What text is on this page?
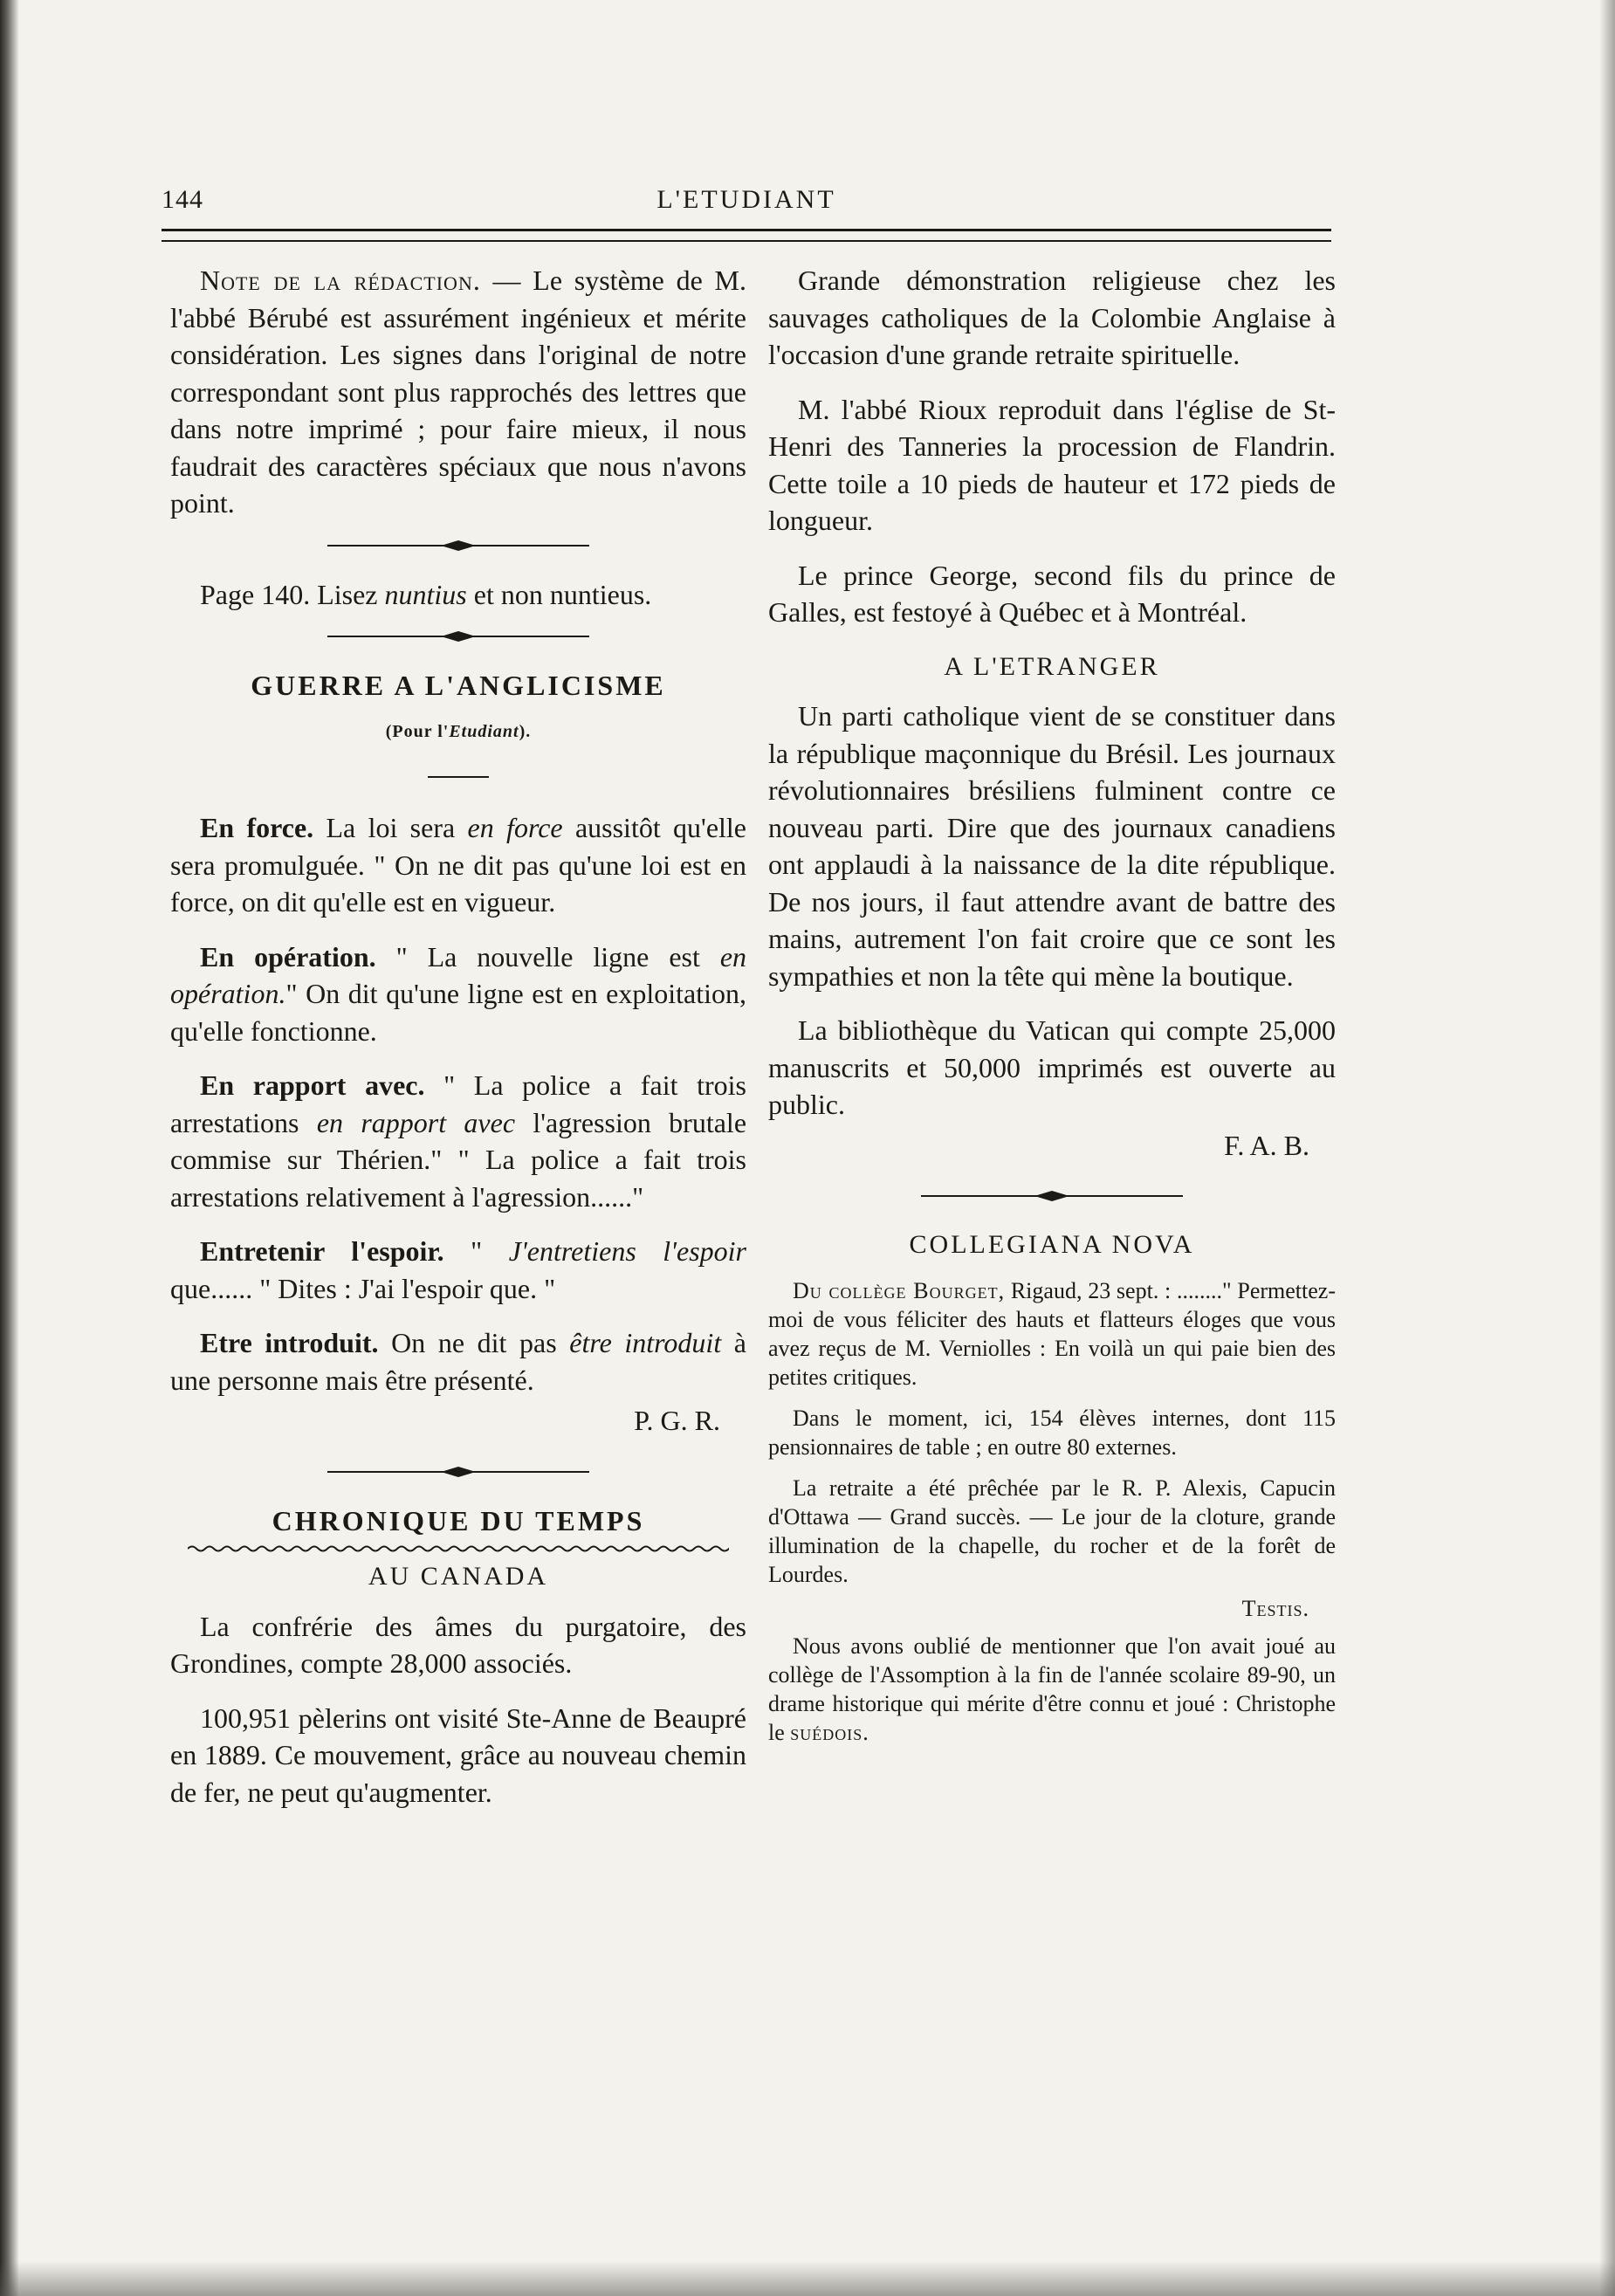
144	L'ETUDIANT

Note de la rédaction. — Le système de M. l'abbé Bérubé est assurément ingénieux et mérite considération. Les signes dans l'original de notre correspondant sont plus rapprochés des lettres que dans notre imprimé ; pour faire mieux, il nous faudrait des caractères spéciaux que nous n'avons point.

Page 140. Lisez nuntius et non nuntieus.

GUERRE A L'ANGLICISME
(Pour l'Etudiant).

En force. La loi sera en force aussitôt qu'elle sera promulguée. " On ne dit pas qu'une loi est en force, on dit qu'elle est en vigueur.

En opération. " La nouvelle ligne est en opération." On dit qu'une ligne est en exploitation, qu'elle fonctionne.

En rapport avec. " La police a fait trois arrestations en rapport avec l'agression brutale commise sur Thérien." " La police a fait trois arrestations relativement à l'agression......"

Entretenir l'espoir. " J'entretiens l'espoir que...... " Dites : J'ai l'espoir que. "

Etre introduit. On ne dit pas être introduit à une personne mais être présenté.

P. G. R.
CHRONIQUE DU TEMPS
AU CANADA

La confrérie des âmes du purgatoire, des Grondines, compte 28,000 associés.

100,951 pèlerins ont visité Ste-Anne de Beaupré en 1889. Ce mouvement, grâce au nouveau chemin de fer, ne peut qu'augmenter.

Grande démonstration religieuse chez les sauvages catholiques de la Colombie Anglaise à l'occasion d'une grande retraite spirituelle.

M. l'abbé Rioux reproduit dans l'église de St-Henri des Tanneries la procession de Flandrin. Cette toile a 10 pieds de hauteur et 172 pieds de longueur.

Le prince George, second fils du prince de Galles, est festoyé à Québec et à Montréal.

A L'ETRANGER

Un parti catholique vient de se constituer dans la république maçonnique du Brésil. Les journaux révolutionnaires brésiliens fulminent contre ce nouveau parti. Dire que des journaux canadiens ont applaudi à la naissance de la dite république. De nos jours, il faut attendre avant de battre des mains, autrement l'on fait croire que ce sont les sympathies et non la tête qui mène la boutique.

La bibliothèque du Vatican qui compte 25,000 manuscrits et 50,000 imprimés est ouverte au public.

F. A. B.
COLLEGIANA NOVA

Du collège Bourget, Rigaud, 23 sept. : ........" Permettez-moi de vous féliciter des hauts et flatteurs éloges que vous avez reçus de M. Verniolles : En voilà un qui paie bien des petites critiques.

Dans le moment, ici, 154 élèves internes, dont 115 pensionnaires de table ; en outre 80 externes.

La retraite a été prêchée par le R. P. Alexis, Capucin d'Ottawa — Grand succès. — Le jour de la cloture, grande illumination de la chapelle, du rocher et de la forêt de Lourdes.

Testis.

Nous avons oublié de mentionner que l'on avait joué au collège de l'Assomption à la fin de l'année scolaire 89-90, un drame historique qui mérite d'être connu et joué : Christophe le suédois.
